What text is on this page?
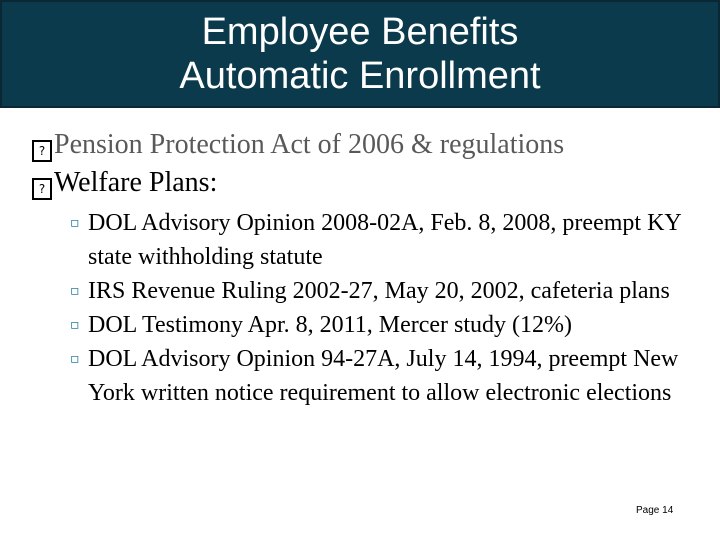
Employee Benefits
Automatic Enrollment
? Pension Protection Act of 2006 & regulations
? Welfare Plans:
▫ DOL Advisory Opinion 2008-02A, Feb. 8, 2008, preempt KY state withholding statute
▫ IRS Revenue Ruling 2002-27, May 20, 2002, cafeteria plans
▫ DOL Testimony Apr. 8, 2011, Mercer study (12%)
▫ DOL Advisory Opinion 94-27A, July 14, 1994, preempt New York written notice requirement to allow electronic elections
Page 14
